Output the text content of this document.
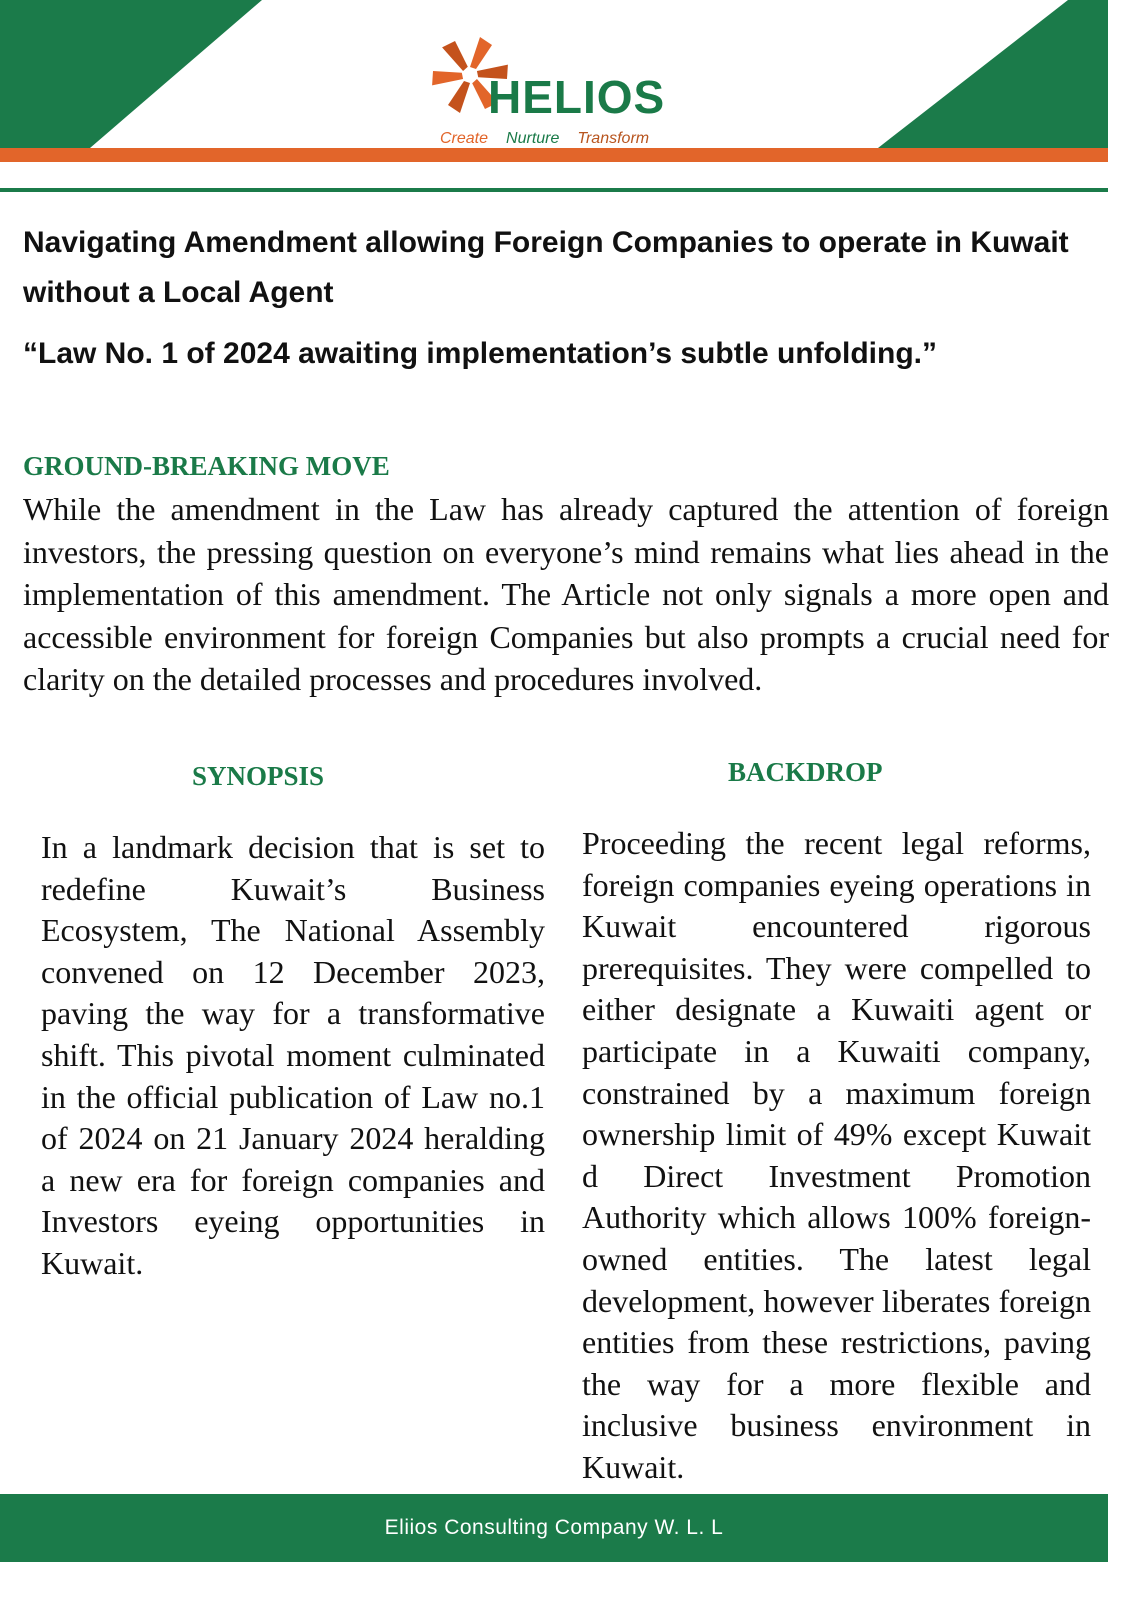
HELIOS
Create Nurture Transform
Navigating Amendment allowing Foreign Companies to operate in Kuwait without a Local Agent
“Law No. 1 of 2024 awaiting implementation’s subtle unfolding.”
GROUND-BREAKING MOVE

While the amendment in the Law has already captured the attention of foreign investors, the pressing question on everyone’s mind remains what lies ahead in the implementation of this amendment. The Article not only signals a more open and accessible environment for foreign Companies but also prompts a crucial need for clarity on the detailed processes and procedures involved.

SYNOPSIS	BACKDROP

In a landmark decision that is set to redefine Kuwait’s Business Ecosystem, The National Assembly convened on 12 December 2023, paving the way for a transformative shift. This pivotal moment culminated in the official publication of Law no.1 of 2024 on 21 January 2024 heralding a new era for foreign companies and Investors eyeing opportunities in Kuwait.

Proceeding the recent legal reforms, foreign companies eyeing operations in Kuwait encountered rigorous prerequisites. They were compelled to either designate a Kuwaiti agent or participate in a Kuwaiti company, constrained by a maximum foreign ownership limit of 49% except Kuwait d Direct Investment Promotion Authority which allows 100% foreign-owned entities. The latest legal development, however liberates foreign entities from these restrictions, paving the way for a more flexible and inclusive business environment in Kuwait.

Eliios Consulting Company W. L. L
